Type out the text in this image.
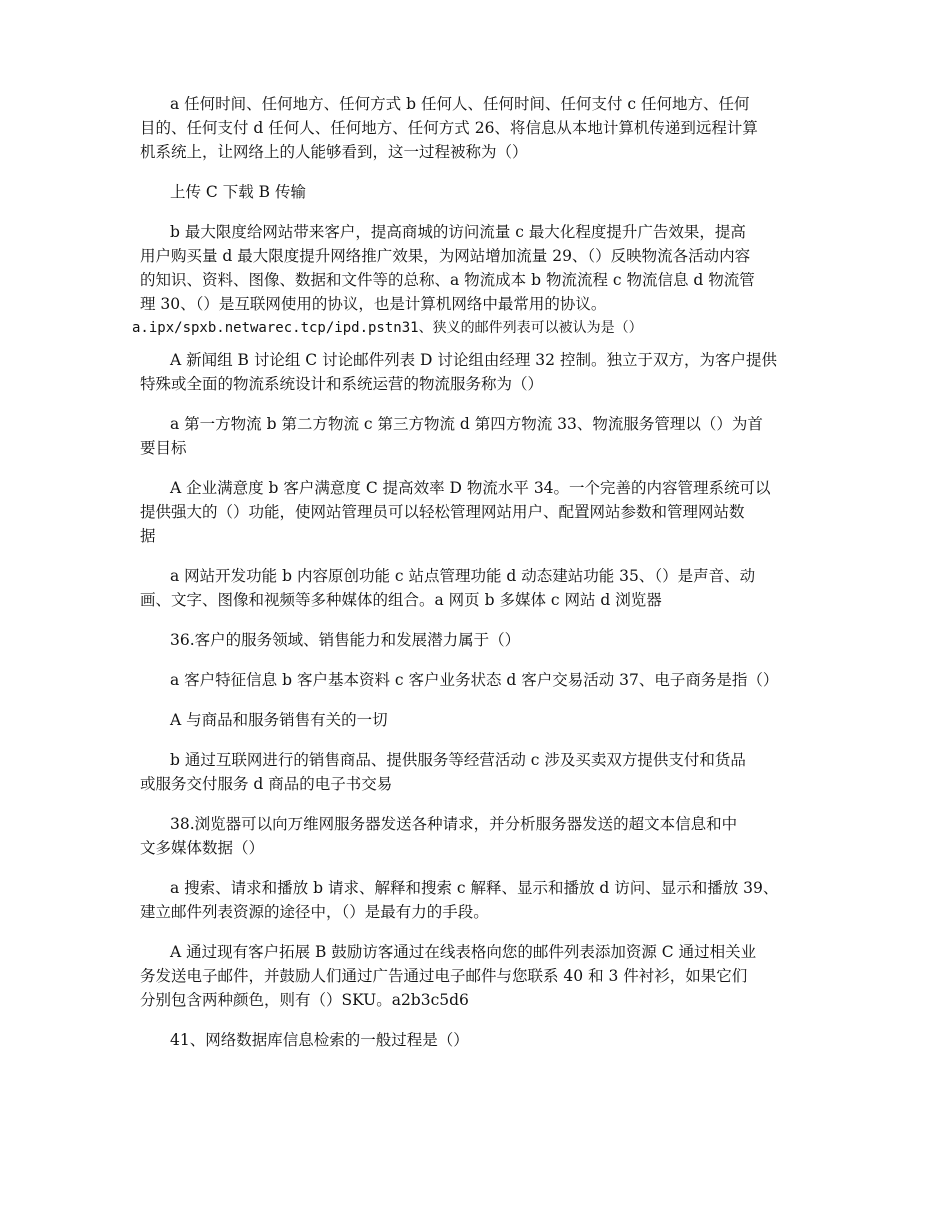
a 任何时间、任何地方、任何方式 b 任何人、任何时间、任何支付 c 任何地方、任何
目的、任何支付 d 任何人、任何地方、任何方式 26、将信息从本地计算机传递到远程计算
机系统上，让网络上的人能够看到，这一过程被称为（）

上传 C 下载 B 传输

b 最大限度给网站带来客户，提高商城的访问流量 c 最大化程度提升广告效果，提高
用户购买量 d 最大限度提升网络推广效果，为网站增加流量 29、（）反映物流各活动内容
的知识、资料、图像、数据和文件等的总称、a 物流成本 b 物流流程 c 物流信息 d 物流管
理 30、（）是互联网使用的协议，也是计算机网络中最常用的协议。
a.ipx/spxb.netwarec.tcp/ipd.pstn31、狭义的邮件列表可以被认为是（）

A 新闻组 B 讨论组 C 讨论邮件列表 D 讨论组由经理 32 控制。独立于双方，为客户提供
特殊或全面的物流系统设计和系统运营的物流服务称为（）

a 第一方物流 b 第二方物流 c 第三方物流 d 第四方物流 33、物流服务管理以（）为首
要目标

A 企业满意度 b 客户满意度 C 提高效率 D 物流水平 34。一个完善的内容管理系统可以
提供强大的（）功能，使网站管理员可以轻松管理网站用户、配置网站参数和管理网站数
据

a 网站开发功能 b 内容原创功能 c 站点管理功能 d 动态建站功能 35、（）是声音、动
画、文字、图像和视频等多种媒体的组合。a 网页 b 多媒体 c 网站 d 浏览器

36.客户的服务领域、销售能力和发展潜力属于（）

a 客户特征信息 b 客户基本资料 c 客户业务状态 d 客户交易活动 37、电子商务是指（）

A 与商品和服务销售有关的一切

b 通过互联网进行的销售商品、提供服务等经营活动 c 涉及买卖双方提供支付和货品
或服务交付服务 d 商品的电子书交易

38.浏览器可以向万维网服务器发送各种请求，并分析服务器发送的超文本信息和中
文多媒体数据（）

a 搜索、请求和播放 b 请求、解释和搜索 c 解释、显示和播放 d 访问、显示和播放 39、
建立邮件列表资源的途径中，（）是最有力的手段。

A 通过现有客户拓展 B 鼓励访客通过在线表格向您的邮件列表添加资源 C 通过相关业
务发送电子邮件，并鼓励人们通过广告通过电子邮件与您联系 40 和 3 件衬衫，如果它们
分别包含两种颜色，则有（）SKU。a2b3c5d6

41、网络数据库信息检索的一般过程是（）
